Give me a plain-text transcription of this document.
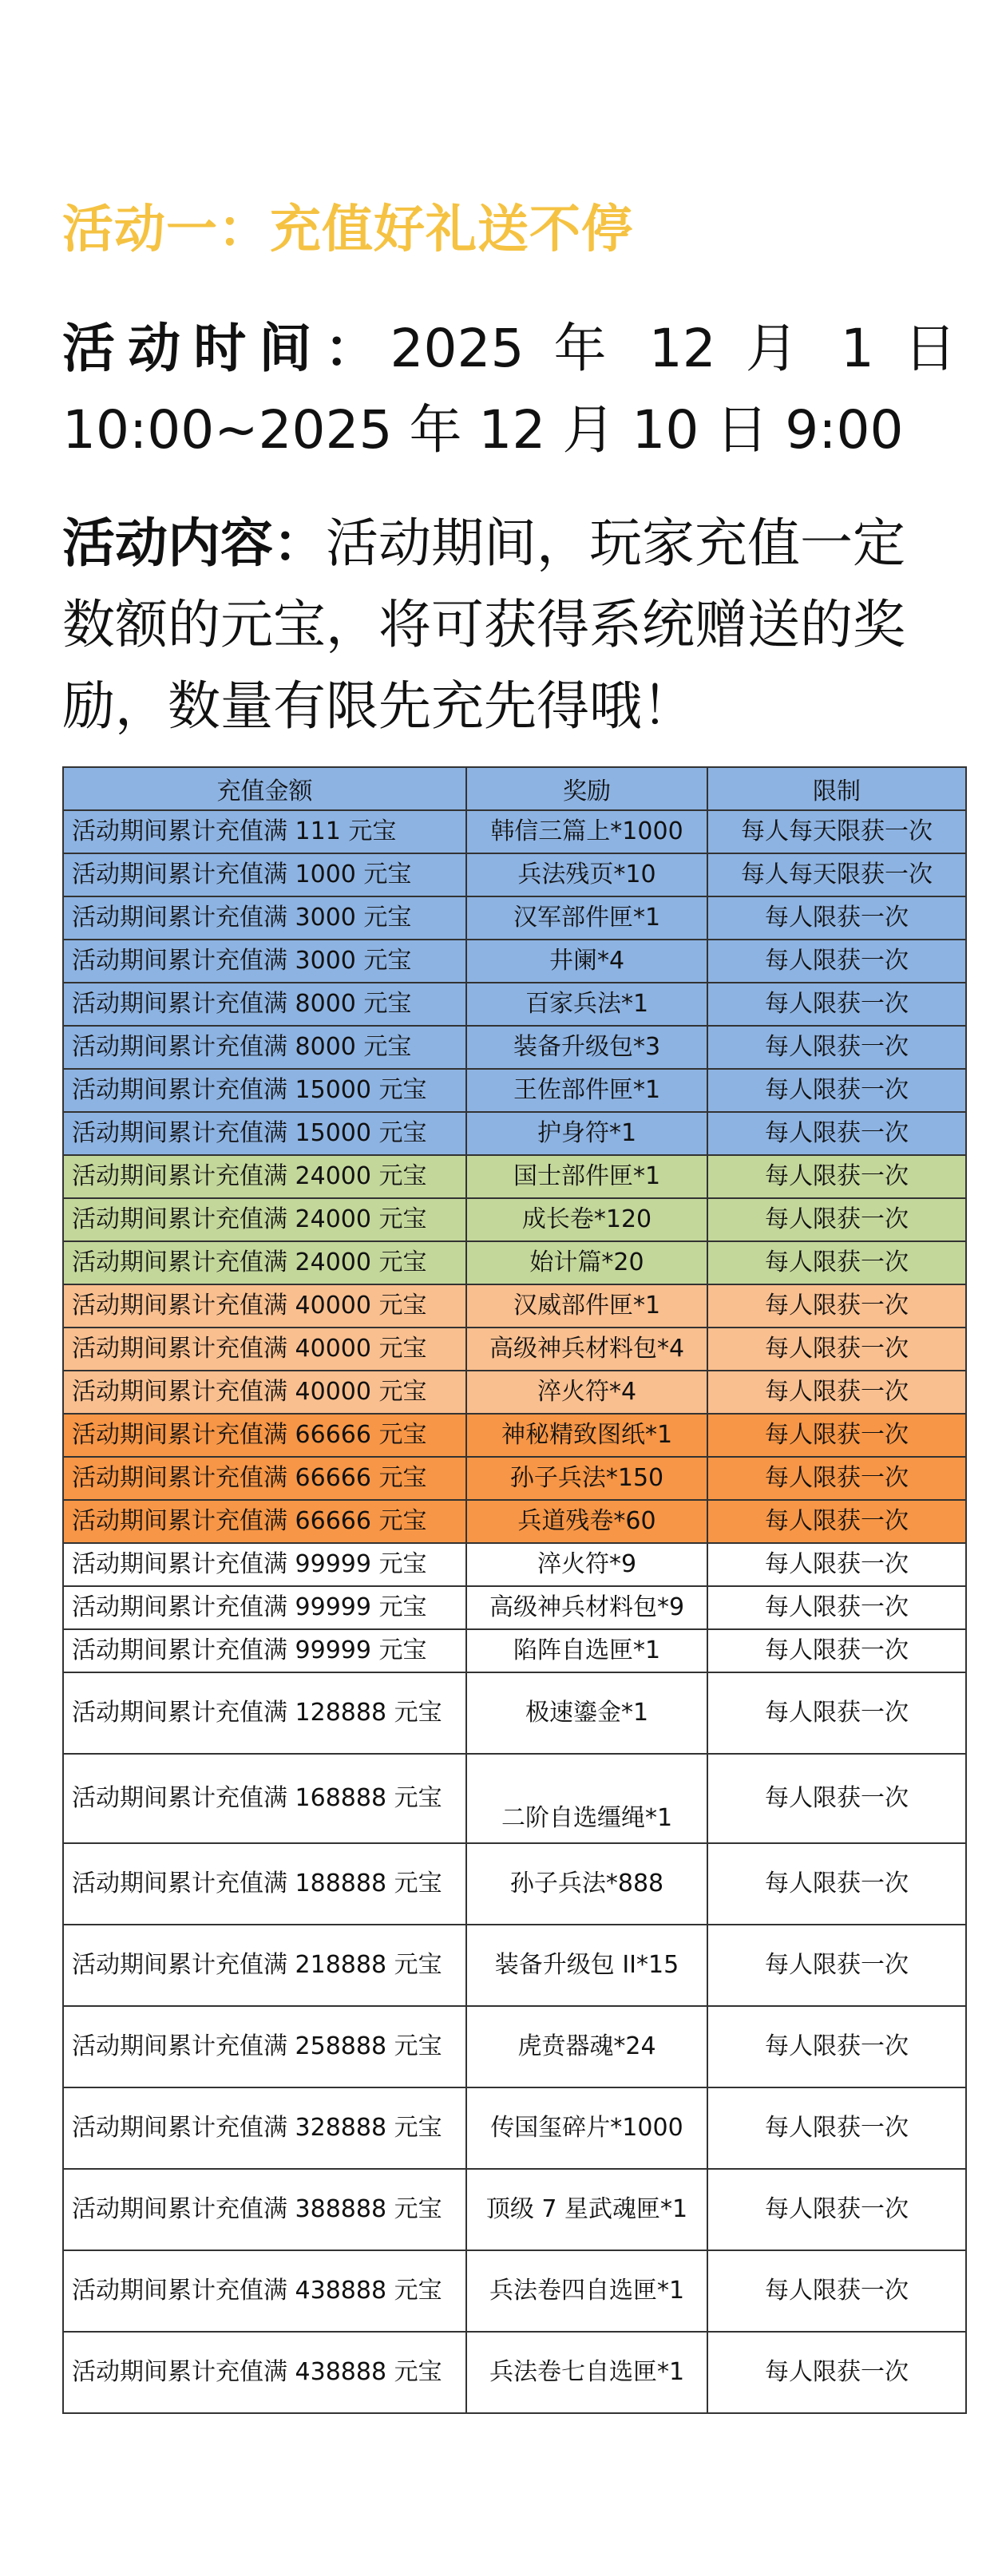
活动一：充值好礼送不停
活动时间：2025 年 12 月 1 日 10:00~2025 年 12 月 10 日 9:00
活动内容：活动期间，玩家充值一定数额的元宝，将可获得系统赠送的奖励，数量有限先充先得哦！
充值金额	奖励	限制
活动期间累计充值满 111 元宝	韩信三篇上*1000	每人每天限获一次
活动期间累计充值满 1000 元宝	兵法残页*10	每人每天限获一次
活动期间累计充值满 3000 元宝	汉军部件匣*1	每人限获一次
活动期间累计充值满 3000 元宝	井阑*4	每人限获一次
活动期间累计充值满 8000 元宝	百家兵法*1	每人限获一次
活动期间累计充值满 8000 元宝	装备升级包*3	每人限获一次
活动期间累计充值满 15000 元宝	王佐部件匣*1	每人限获一次
活动期间累计充值满 15000 元宝	护身符*1	每人限获一次
活动期间累计充值满 24000 元宝	国士部件匣*1	每人限获一次
活动期间累计充值满 24000 元宝	成长卷*120	每人限获一次
活动期间累计充值满 24000 元宝	始计篇*20	每人限获一次
活动期间累计充值满 40000 元宝	汉威部件匣*1	每人限获一次
活动期间累计充值满 40000 元宝	高级神兵材料包*4	每人限获一次
活动期间累计充值满 40000 元宝	淬火符*4	每人限获一次
活动期间累计充值满 66666 元宝	神秘精致图纸*1	每人限获一次
活动期间累计充值满 66666 元宝	孙子兵法*150	每人限获一次
活动期间累计充值满 66666 元宝	兵道残卷*60	每人限获一次
活动期间累计充值满 99999 元宝	淬火符*9	每人限获一次
活动期间累计充值满 99999 元宝	高级神兵材料包*9	每人限获一次
活动期间累计充值满 99999 元宝	陷阵自选匣*1	每人限获一次
活动期间累计充值满 128888 元宝	极速鎏金*1	每人限获一次
活动期间累计充值满 168888 元宝	二阶自选缰绳*1	每人限获一次
活动期间累计充值满 188888 元宝	孙子兵法*888	每人限获一次
活动期间累计充值满 218888 元宝	装备升级包 II*15	每人限获一次
活动期间累计充值满 258888 元宝	虎贲器魂*24	每人限获一次
活动期间累计充值满 328888 元宝	传国玺碎片*1000	每人限获一次
活动期间累计充值满 388888 元宝	顶级 7 星武魂匣*1	每人限获一次
活动期间累计充值满 438888 元宝	兵法卷四自选匣*1	每人限获一次
活动期间累计充值满 438888 元宝	兵法卷七自选匣*1	每人限获一次
